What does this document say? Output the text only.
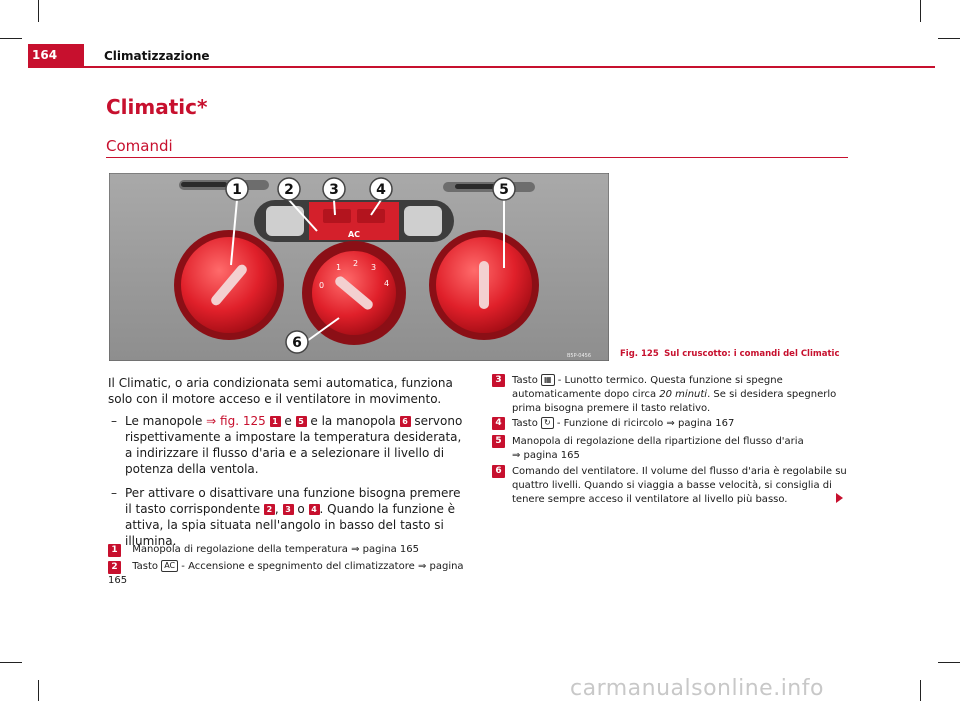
164	Climatizzazione
Climatic*
Comandi
AC
0
1 2 3
4
1	2	3	4	5
6
B5P-0456	Fig. 125 Sul cruscotto: i comandi del Climatic
Il Climatic, o aria condizionata semi automatica, funziona solo con il motore acceso e il ventilatore in movimento.
– Le manopole ⇒ fig. 125 1 e 5 e la manopola 6 servono rispettivamente a impostare la temperatura desiderata, a indirizzare il flusso d'aria e a selezionare il livello di potenza della ventola.
– Per attivare o disattivare una funzione bisogna premere il tasto corrispondente 2 , 3 o 4 . Quando la funzione è attiva, la spia situata nell'angolo in basso del tasto si illumina.
1 Manopola di regolazione della temperatura ⇒ pagina 165
2 Tasto AC - Accensione e spegnimento del climatizzatore ⇒ pagina 165
3	Tasto ▦ - Lunotto termico. Questa funzione si spegne automaticamente dopo circa 20 minuti. Se si desidera spegnerlo prima bisogna premere il tasto relativo.
4	Tasto ↻ - Funzione di ricircolo ⇒ pagina 167
5	Manopola di regolazione della ripartizione del flusso d'aria ⇒ pagina 165
6	Comando del ventilatore. Il volume del flusso d'aria è regolabile su quattro livelli. Quando si viaggia a basse velocità, si consiglia di tenere sempre acceso il ventilatore al livello più basso.
carmanualsonline.info
